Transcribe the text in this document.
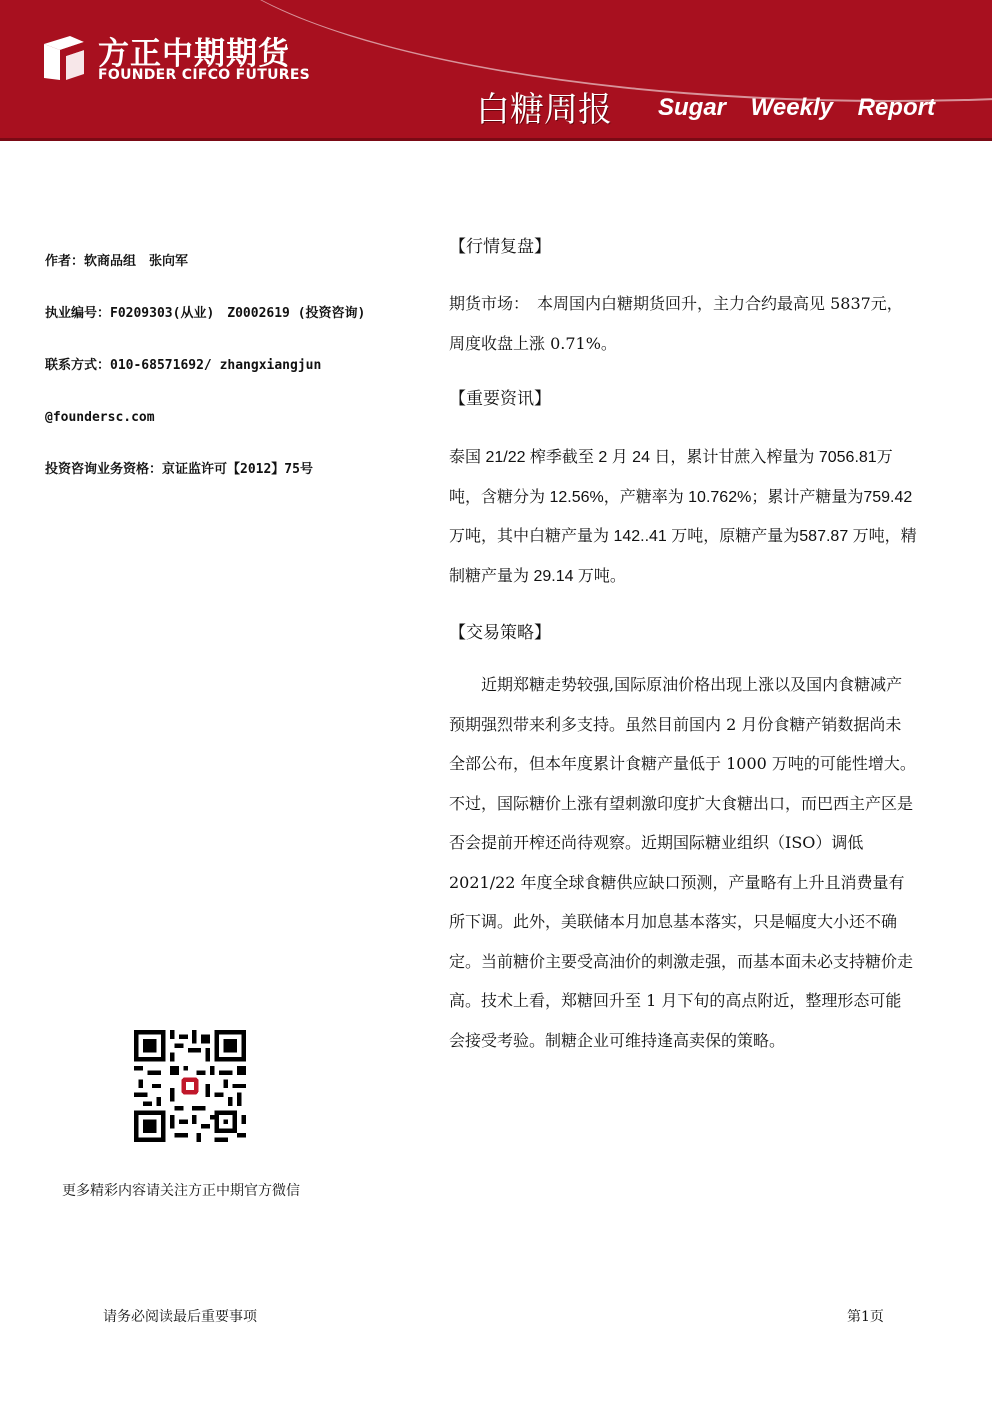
方正中期期货
FOUNDER CIFCO FUTURES
白糖周报 Sugar Weekly Report
作者：软商品组　张向军
执业编号：F0209303(从业)　Z0002619 (投资咨询)
联系方式：010-68571692/ zhangxiangjun
@foundersc.com
投资咨询业务资格：京证监许可【2012】75号
更多精彩内容请关注方正中期官方微信
【行情复盘】
期货市场：　本周国内白糖期货回升，主力合约最高见 5837元，周度收盘上涨 0.71%。
【重要资讯】
泰国 21/22 榨季截至 2 月 24 日，累计甘蔗入榨量为 7056.81万吨，含糖分为 12.56%，产糖率为 10.762%；累计产糖量为759.42 万吨，其中白糖产量为 142..41 万吨，原糖产量为587.87 万吨，精制糖产量为 29.14 万吨。
【交易策略】
近期郑糖走势较强,国际原油价格出现上涨以及国内食糖减产预期强烈带来利多支持。虽然目前国内 2 月份食糖产销数据尚未全部公布，但本年度累计食糖产量低于 1000 万吨的可能性增大。不过，国际糖价上涨有望刺激印度扩大食糖出口，而巴西主产区是否会提前开榨还尚待观察。近期国际糖业组织（ISO）调低 2021/22 年度全球食糖供应缺口预测，产量略有上升且消费量有所下调。此外，美联储本月加息基本落实，只是幅度大小还不确定。当前糖价主要受高油价的刺激走强，而基本面未必支持糖价走高。技术上看，郑糖回升至 1 月下旬的高点附近，整理形态可能会接受考验。制糖企业可维持逢高卖保的策略。
请务必阅读最后重要事项	第1页
